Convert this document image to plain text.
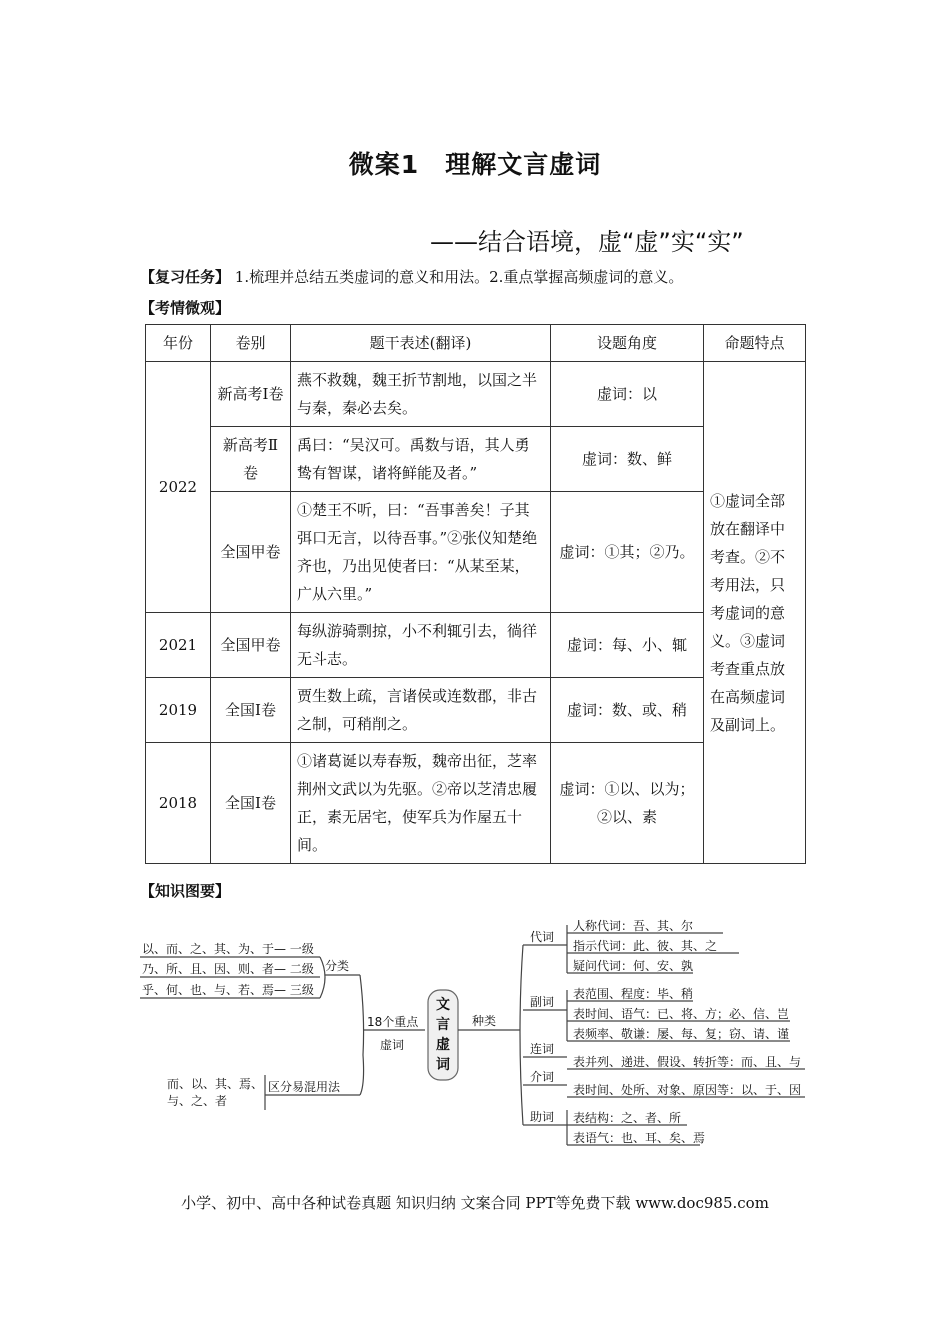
微案1　理解文言虚词
——结合语境，虚“虚”实“实”
【复习任务】 1.梳理并总结五类虚词的意义和用法。2.重点掌握高频虚词的意义。
【考情微观】
年份	卷别	题干表述(翻译)	设题角度	命题特点
2022	新高考Ⅰ卷	燕不救魏，魏王折节割地，以国之半与秦，秦必去矣。	虚词：以	①虚词全部放在翻译中考查。②不考用法，只考虚词的意义。③虚词考查重点放在高频虚词及副词上。
	新高考Ⅱ卷	禹曰：“吴汉可。禹数与语，其人勇鸷有智谋，诸将鲜能及者。”	虚词：数、鲜	
	全国甲卷	①楚王不听，曰：“吾事善矣！子其弭口无言，以待吾事。”②张仪知楚绝齐也，乃出见使者曰：“从某至某，广从六里。”	虚词：①其；②乃。	
2021	全国甲卷	每纵游骑剽掠，小不利辄引去，徜徉无斗志。	虚词：每、小、辄	
2019	全国Ⅰ卷	贾生数上疏，言诸侯或连数郡，非古之制，可稍削之。	虚词：数、或、稍	
2018	全国Ⅰ卷	①诸葛诞以寿春叛，魏帝出征，芝率荆州文武以为先驱。②帝以芝清忠履正，素无居宅，使军兵为作屋五十间。	虚词：①以、以为；②以、素	
【知识图要】
以、而、之、其、为、于— 一级
乃、所、且、因、则、者— 二级
乎、何、也、与、若、焉— 三级
分类
18个重点
虚词
而、以、其、焉、
与、之、者
区分易混用法
文
言
虚
词
种类
代词
副词
连词
介词
助词
人称代词：吾、其、尔
指示代词：此、彼、其、之
疑问代词：何、安、孰
表范围、程度：毕、稍
表时间、语气：已、将、方；必、信、岂
表频率、敬谦：屡、每、复；窃、请、谨
表并列、递进、假设、转折等：而、且、与
表时间、处所、对象、原因等：以、于、因
表结构：之、者、所
表语气：也、耳、矣、焉
小学、初中、高中各种试卷真题 知识归纳 文案合同 PPT等免费下载 www.doc985.com
